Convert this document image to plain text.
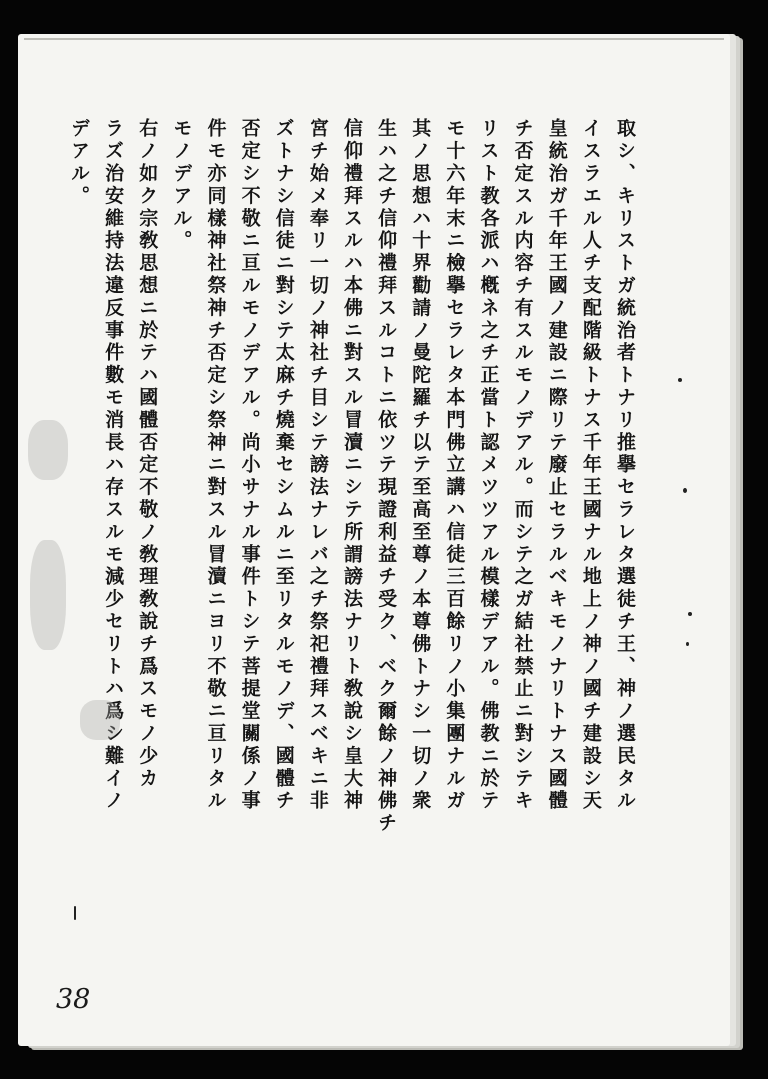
取シ、キリストガ統治者トナリ推擧セラレタ選徒チ王、神ノ選民タル
イスラエル人チ支配階級トナス千年王國ナル地上ノ神ノ國チ建設シ天
皇統治ガ千年王國ノ建設ニ際リテ廢止セラルベキモノナリトナス國體
チ否定スル内容チ有スルモノデアル。而シテ之ガ結社禁止ニ對シテキ
リスト教各派ハ槪ネ之チ正當ト認メツツアル模樣デアル。佛教ニ於テ
モ十六年末ニ檢擧セラレタ本門佛立講ハ信徒三百餘リノ小集團ナルガ
其ノ思想ハ十界勸請ノ曼陀羅チ以テ至高至尊ノ本尊佛トナシ一切ノ衆
生ハ之チ信仰禮拜スルコトニ依ツテ現證利益チ受ク、ベク爾餘ノ神佛チ
信仰禮拜スルハ本佛ニ對スル冒瀆ニシテ所謂謗法ナリト敎說シ皇大神
宮チ始メ奉リ一切ノ神社チ目シテ謗法ナレバ之チ祭祀禮拜スベキニ非
ズトナシ信徒ニ對シテ太麻チ燒棄セシムルニ至リタルモノデ、國體チ
否定シ不敬ニ亘ルモノデアル。尚小サナル事件トシテ菩提堂關係ノ事
件モ亦同樣神社祭神チ否定シ祭神ニ對スル冒瀆ニヨリ不敬ニ亘リタル
モノデアル。
右ノ如ク宗敎思想ニ於テハ國體否定不敬ノ敎理敎說チ爲スモノ少カ
ラズ治安維持法違反事件數モ消長ハ存スルモ減少セリトハ爲シ難イノ
デアル。
38
